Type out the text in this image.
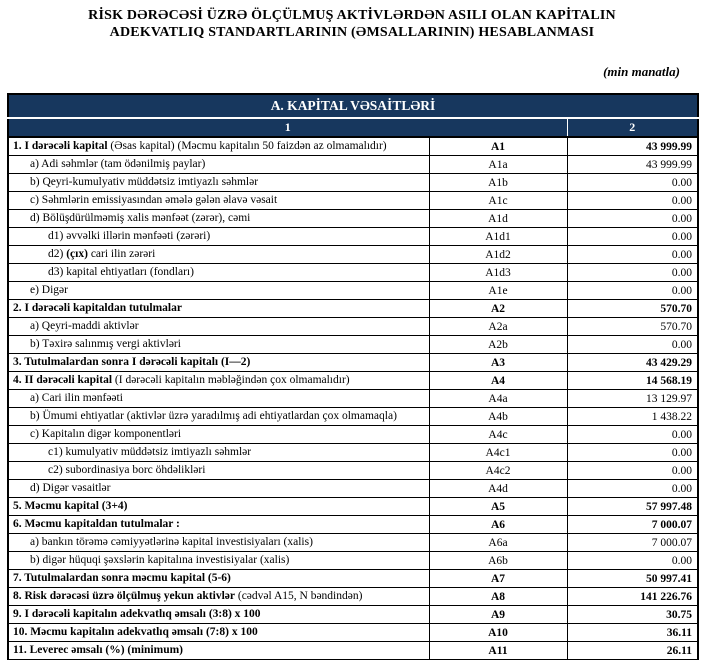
RİSK DƏRƏCƏSİ ÜZRƏ ÖLÇÜLMUŞ AKTİVLƏRDƏN ASILI OLAN KAPİTALIN
ADEKVATLIQ STANDARTLARININ (ƏMSALLARININ) HESABLANMASI
(min manatla)
A. KAPİTAL VƏSAİTLƏRİ		
1		2
1. I dərəcəli kapital (Əsas kapital) (Məcmu kapitalın 50 faizdən az olmamalıdır)	A1	43 999.99
a) Adi səhmlər (tam ödənilmiş paylar)	A1a	43 999.99
b) Qeyri-kumulyativ müddətsiz imtiyazlı səhmlər	A1b	0.00
c) Səhmlərin emissiyasından əmələ gələn əlavə vəsait	A1c	0.00
d) Bölüşdürülməmiş xalis mənfəət (zərər), cəmi	A1d	0.00
d1) əvvəlki illərin mənfəəti (zərəri)	A1d1	0.00
d2) (çıx) cari ilin zərəri	A1d2	0.00
d3) kapital ehtiyatları (fondları)	A1d3	0.00
e) Digər	A1e	0.00
2. I dərəcəli kapitaldan tutulmalar	A2	570.70
a) Qeyri-maddi aktivlər	A2a	570.70
b) Təxirə salınmış vergi aktivləri	A2b	0.00
3. Tutulmalardan sonra I dərəcəli kapitalı (I—2)	A3	43 429.29
4. II dərəcəli kapital (I dərəcəli kapitalın məbləğindən çox olmamalıdır)	A4	14 568.19
a) Cari ilin mənfəəti	A4a	13 129.97
b) Ümumi ehtiyatlar (aktivlər üzrə yaradılmış adi ehtiyatlardan çox olmamaqla)	A4b	1 438.22
c) Kapitalın digər komponentləri	A4c	0.00
c1) kumulyativ müddətsiz imtiyazlı səhmlər	A4c1	0.00
c2) subordinasiya borc öhdəlikləri	A4c2	0.00
d) Digər vəsaitlər	A4d	0.00
5. Məcmu kapital (3+4)	A5	57 997.48
6. Məcmu kapitaldan tutulmalar :	A6	7 000.07
a) bankın törəmə cəmiyyətlərinə kapital investisiyaları (xalis)	A6a	7 000.07
b) digər hüquqi şəxslərin kapitalına investisiyalar (xalis)	A6b	0.00
7. Tutulmalardan sonra məcmu kapital (5-6)	A7	50 997.41
8. Risk dərəcəsi üzrə ölçülmuş yekun aktivlər (cədvəl A15, N bəndindən)	A8	141 226.76
9. I dərəcəli kapitalın adekvatlıq əmsalı (3:8) x 100	A9	30.75
10. Məcmu kapitalın adekvatlıq əmsalı (7:8) x 100	A10	36.11
11. Leverec əmsalı (%) (minimum)	A11	26.11
